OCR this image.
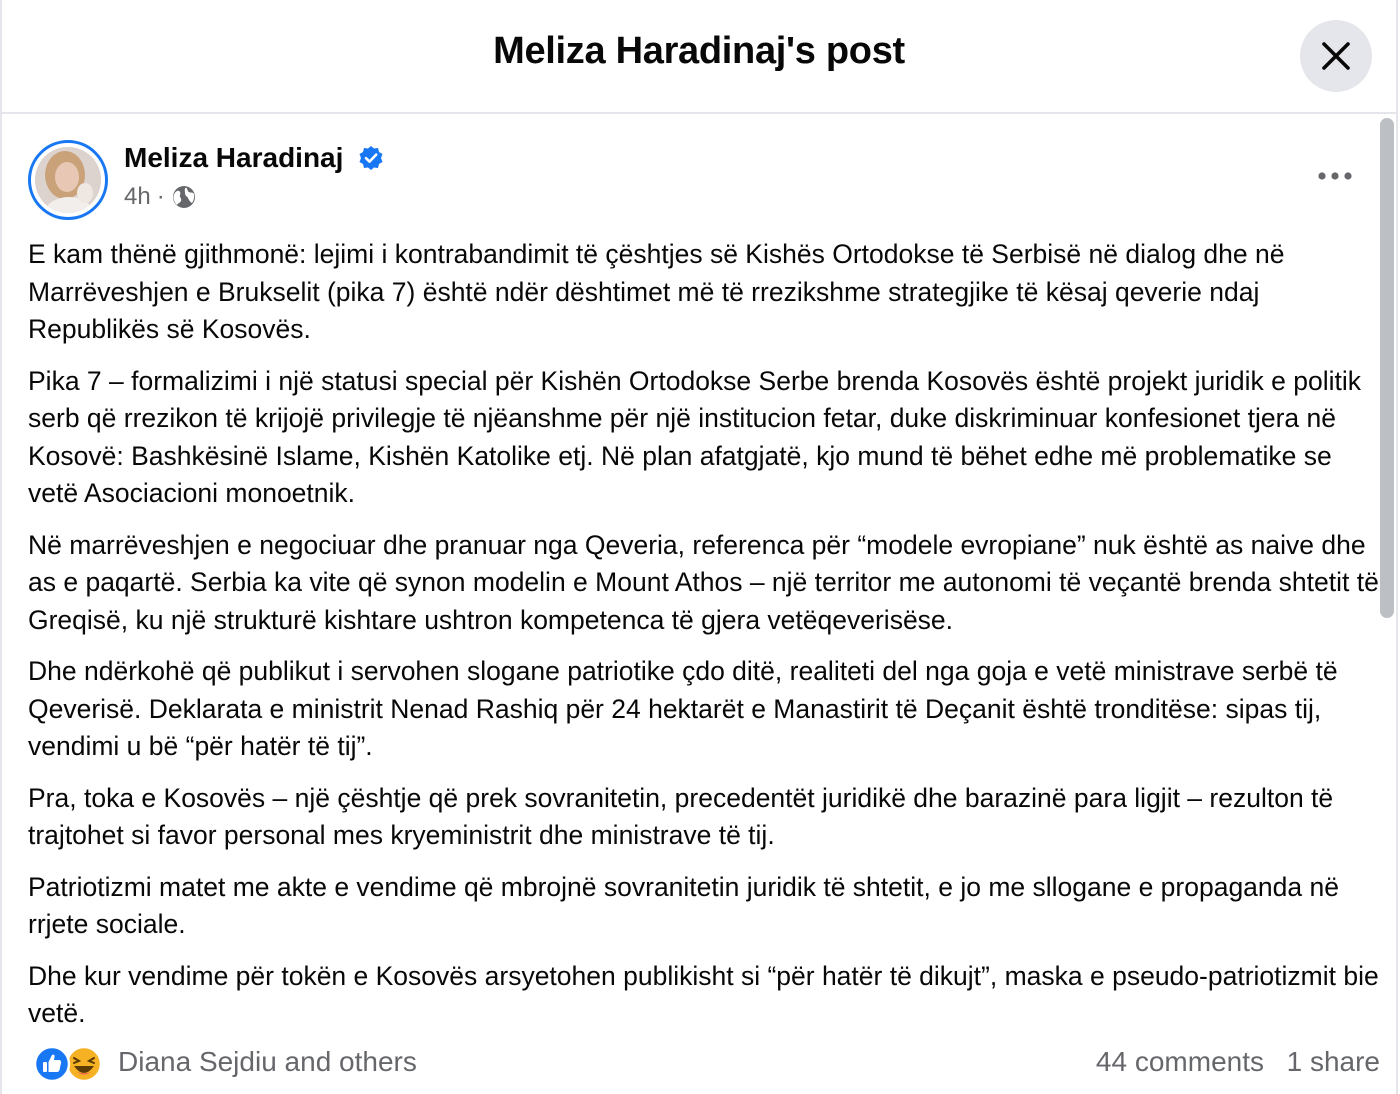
Meliza Haradinaj's post
Meliza Haradinaj
4h ·

E kam thënë gjithmonë: lejimi i kontrabandimit të çështjes së Kishës Ortodokse të Serbisë në dialog dhe në Marrëveshjen e Brukselit (pika 7) është ndër dështimet më të rrezikshme strategjike të kësaj qeverie ndaj Republikës së Kosovës.

Pika 7 – formalizimi i një statusi special për Kishën Ortodokse Serbe brenda Kosovës është projekt juridik e politik serb që rrezikon të krijojë privilegje të njëanshme për një institucion fetar, duke diskriminuar konfesionet tjera në Kosovë: Bashkësinë Islame, Kishën Katolike etj. Në plan afatgjatë, kjo mund të bëhet edhe më problematike se vetë Asociacioni monoetnik.

Në marrëveshjen e negociuar dhe pranuar nga Qeveria, referenca për “modele evropiane” nuk është as naive dhe as e paqartë. Serbia ka vite që synon modelin e Mount Athos – një territor me autonomi të veçantë brenda shtetit të Greqisë, ku një strukturë kishtare ushtron kompetenca të gjera vetëqeverisëse.

Dhe ndërkohë që publikut i servohen slogane patriotike çdo ditë, realiteti del nga goja e vetë ministrave serbë të Qeverisë. Deklarata e ministrit Nenad Rashiq për 24 hektarët e Manastirit të Deçanit është tronditëse: sipas tij, vendimi u bë “për hatër të tij”.

Pra, toka e Kosovës – një çështje që prek sovranitetin, precedentët juridikë dhe barazinë para ligjit – rezulton të trajtohet si favor personal mes kryeministrit dhe ministrave të tij.

Patriotizmi matet me akte e vendime që mbrojnë sovranitetin juridik të shtetit, e jo me sllogane e propaganda në rrjete sociale.

Dhe kur vendime për tokën e Kosovës arsyetohen publikisht si “për hatër të dikujt”, maska e pseudo-patriotizmit bie vetë.

Diana Sejdiu and others	44 comments 1 share
